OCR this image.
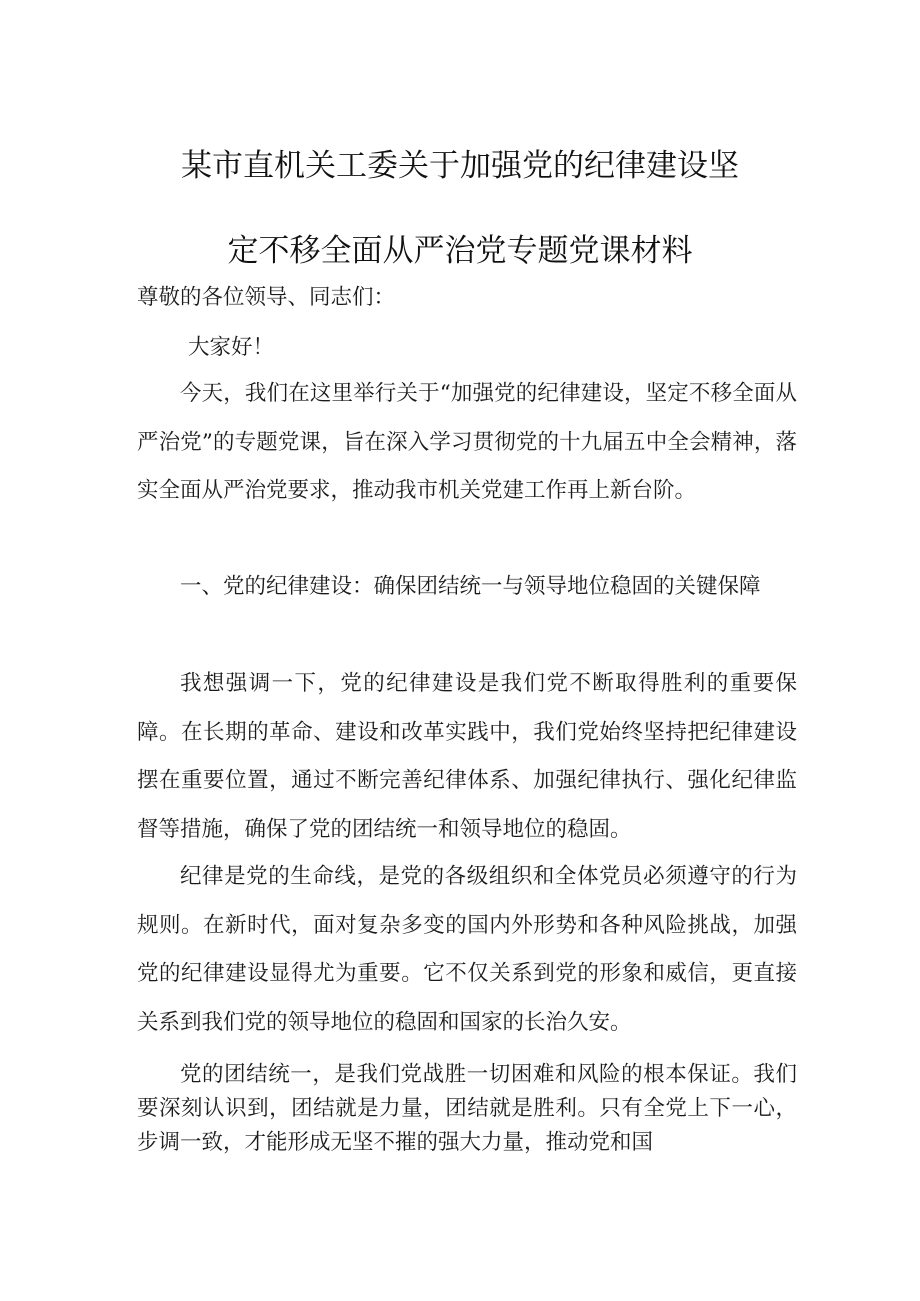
某市直机关工委关于加强党的纪律建设坚
定不移全面从严治党专题党课材料
尊敬的各位领导、同志们：
大家好！

今天，我们在这里举行关于“加强党的纪律建设，坚定不移全面从严治党”的专题党课，旨在深入学习贯彻党的十九届五中全会精神，落实全面从严治党要求，推动我市机关党建工作再上新台阶。

一、党的纪律建设：确保团结统一与领导地位稳固的关键保障

我想强调一下，党的纪律建设是我们党不断取得胜利的重要保障。在长期的革命、建设和改革实践中，我们党始终坚持把纪律建设摆在重要位置，通过不断完善纪律体系、加强纪律执行、强化纪律监督等措施，确保了党的团结统一和领导地位的稳固。

纪律是党的生命线，是党的各级组织和全体党员必须遵守的行为规则。在新时代，面对复杂多变的国内外形势和各种风险挑战，加强党的纪律建设显得尤为重要。它不仅关系到党的形象和威信，更直接关系到我们党的领导地位的稳固和国家的长治久安。

党的团结统一，是我们党战胜一切困难和风险的根本保证。我们要深刻认识到，团结就是力量，团结就是胜利。只有全党上下一心，步调一致，才能形成无坚不摧的强大力量，推动党和国
